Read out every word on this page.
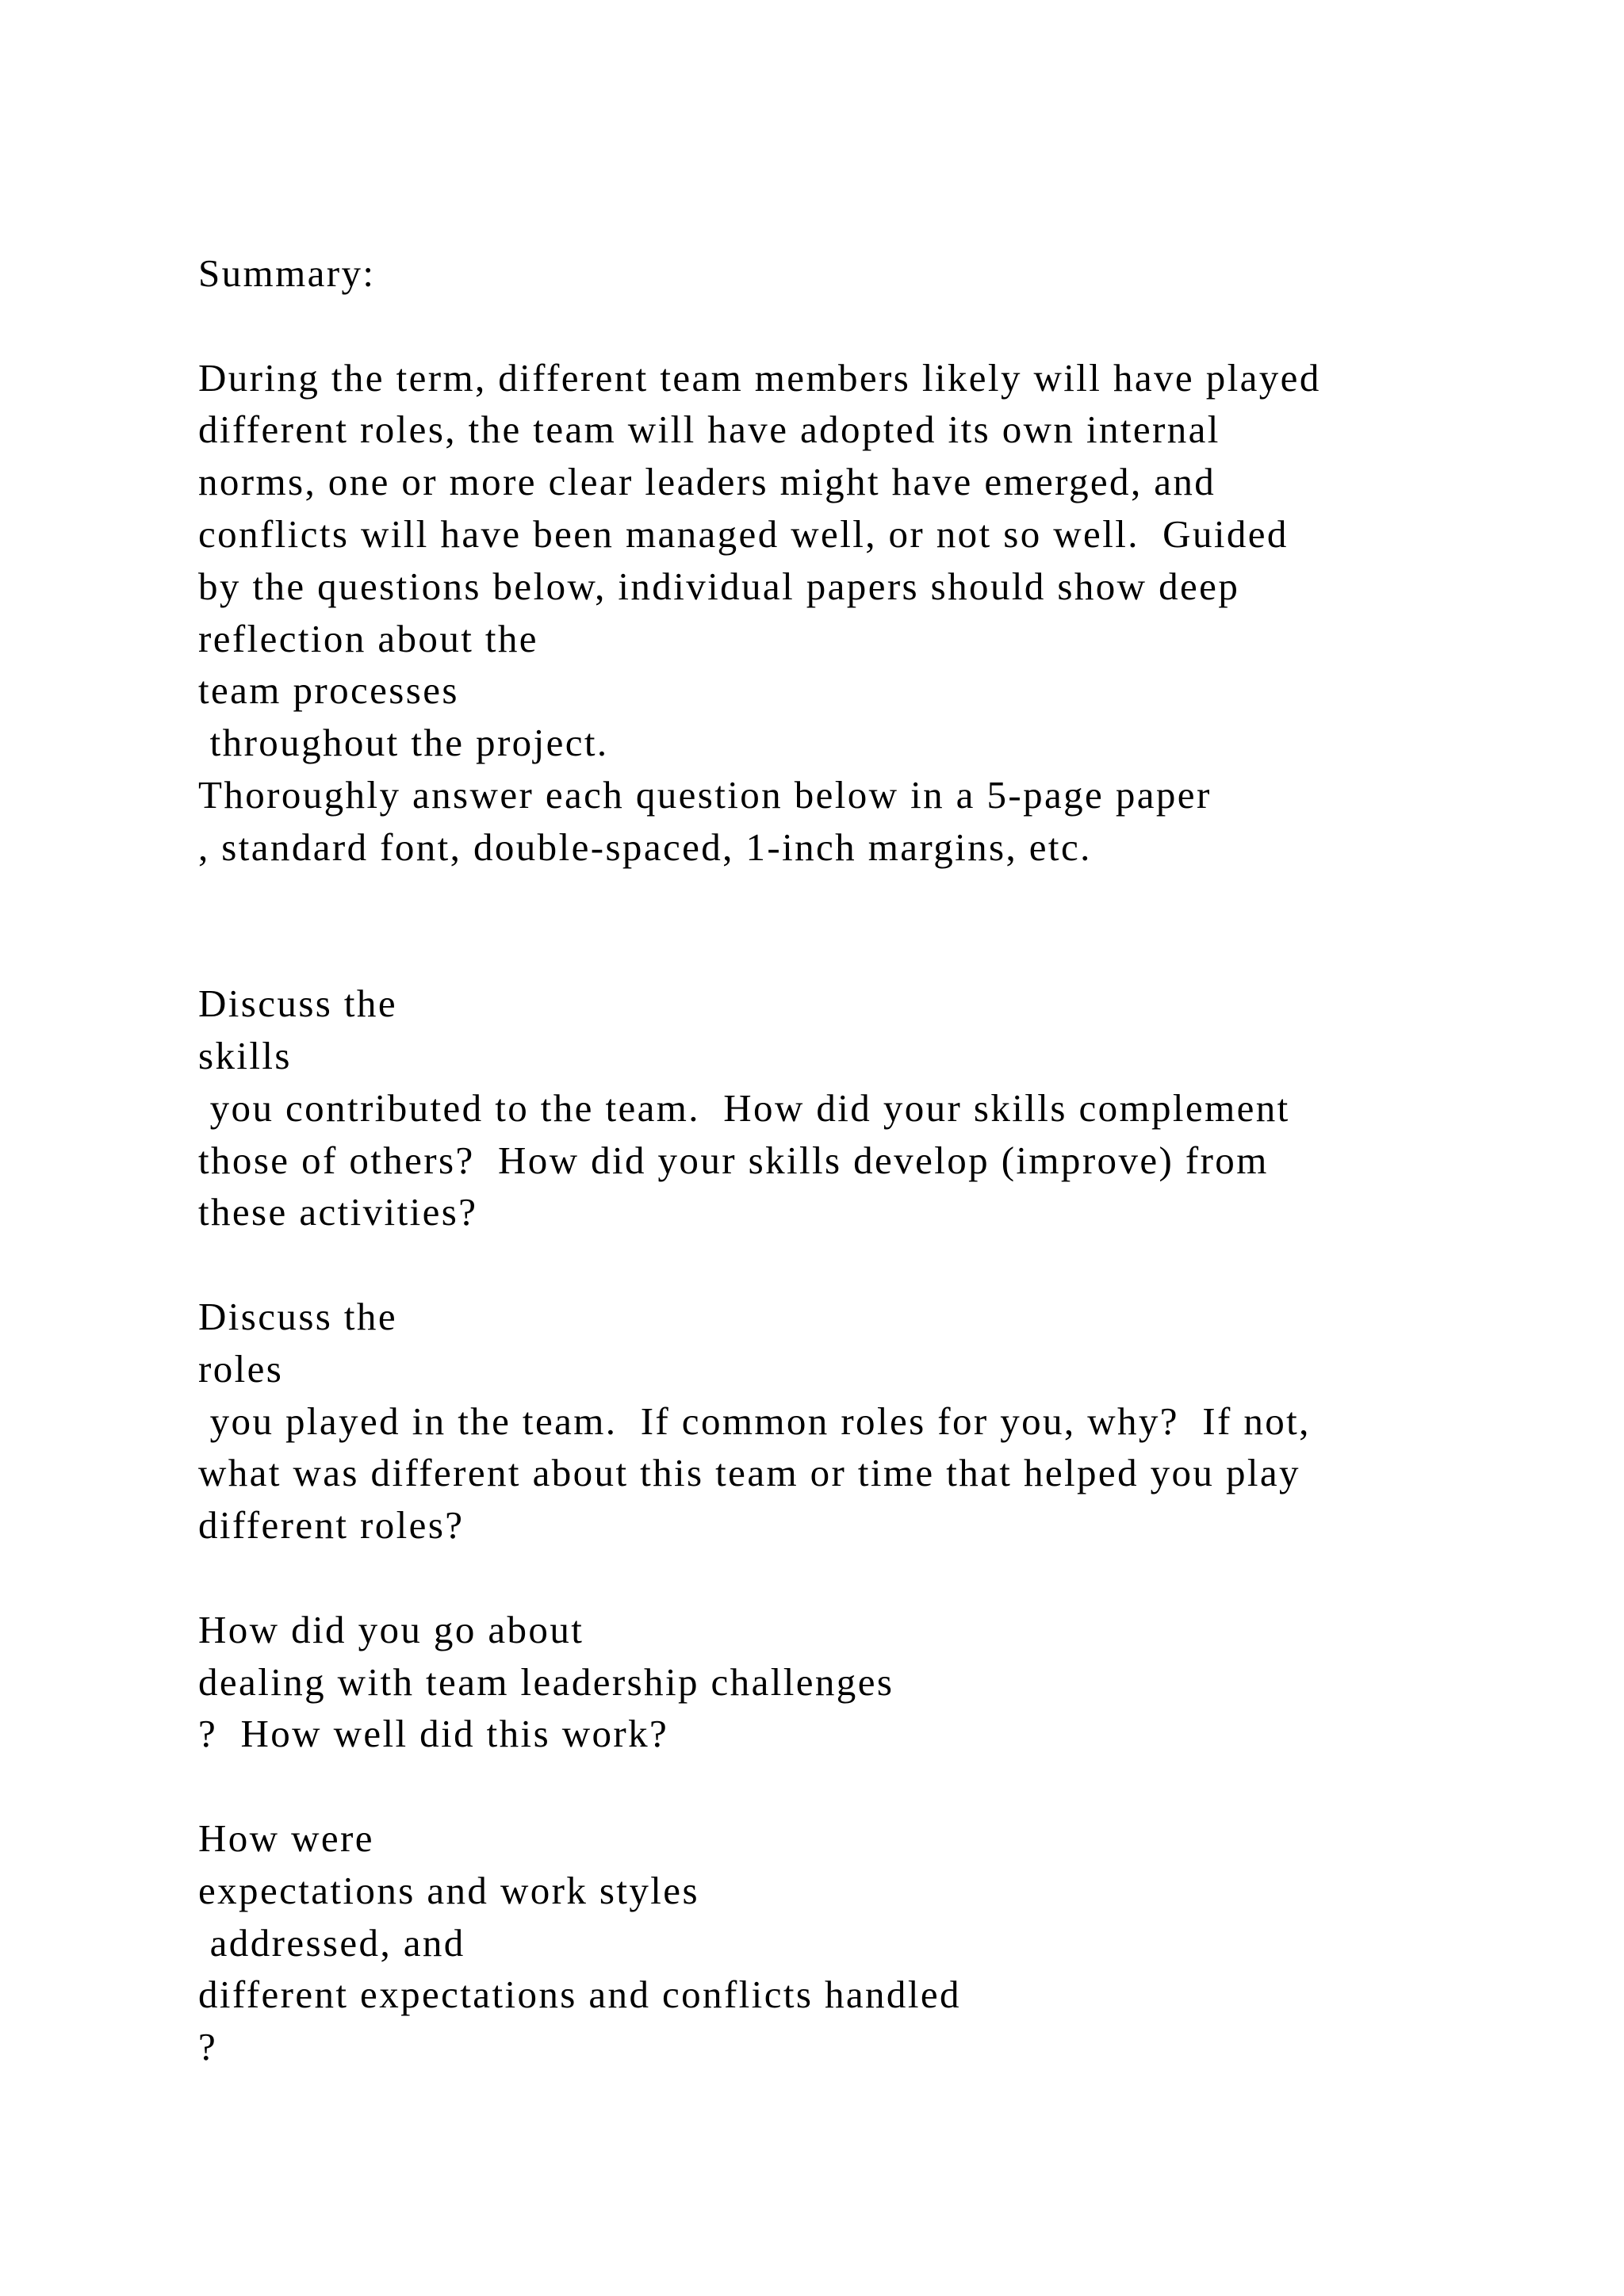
Summary:
During the term, different team members likely will have played
different roles, the team will have adopted its own internal
norms, one or more clear leaders might have emerged, and
conflicts will have been managed well, or not so well.  Guided
by the questions below, individual papers should show deep
reflection about the
team processes
throughout the project.
Thoroughly answer each question below in a 5-page paper
, standard font, double-spaced, 1-inch margins, etc.
Discuss the
skills
you contributed to the team.  How did your skills complement
those of others?  How did your skills develop (improve) from
these activities?
Discuss the
roles
you played in the team.  If common roles for you, why?  If not,
what was different about this team or time that helped you play
different roles?
How did you go about
dealing with team leadership challenges
?  How well did this work?
How were
expectations and work styles
addressed, and
different expectations and conflicts handled
?
